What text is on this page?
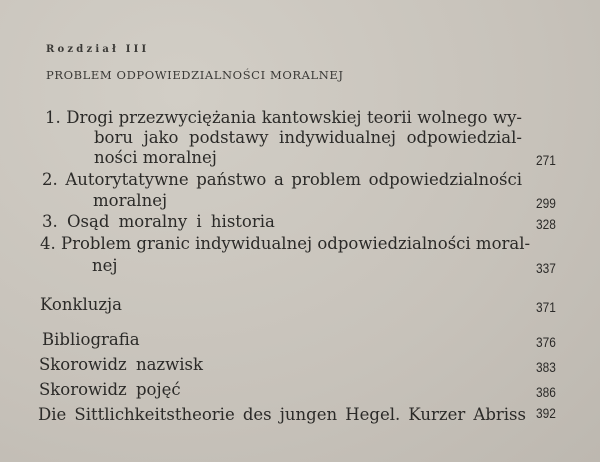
Rozdział III
PROBLEM ODPOWIEDZIALNOŚCI MORALNEJ
1. Drogi przezwyciężania kantowskiej teorii wolnego wy-
boru jako podstawy indywidualnej odpowiedzial-
ności moralnej	271
2. Autorytatywne państwo a problem odpowiedzialności
moralnej	299
3. Osąd moralny i historia	328
4. Problem granic indywidualnej odpowiedzialności moral-
nej	337
Konkluzja	371
Bibliografia	376
Skorowidz nazwisk	383
Skorowidz pojęć	386
Die Sittlichkeitstheorie des jungen Hegel. Kurzer Abriss 392
